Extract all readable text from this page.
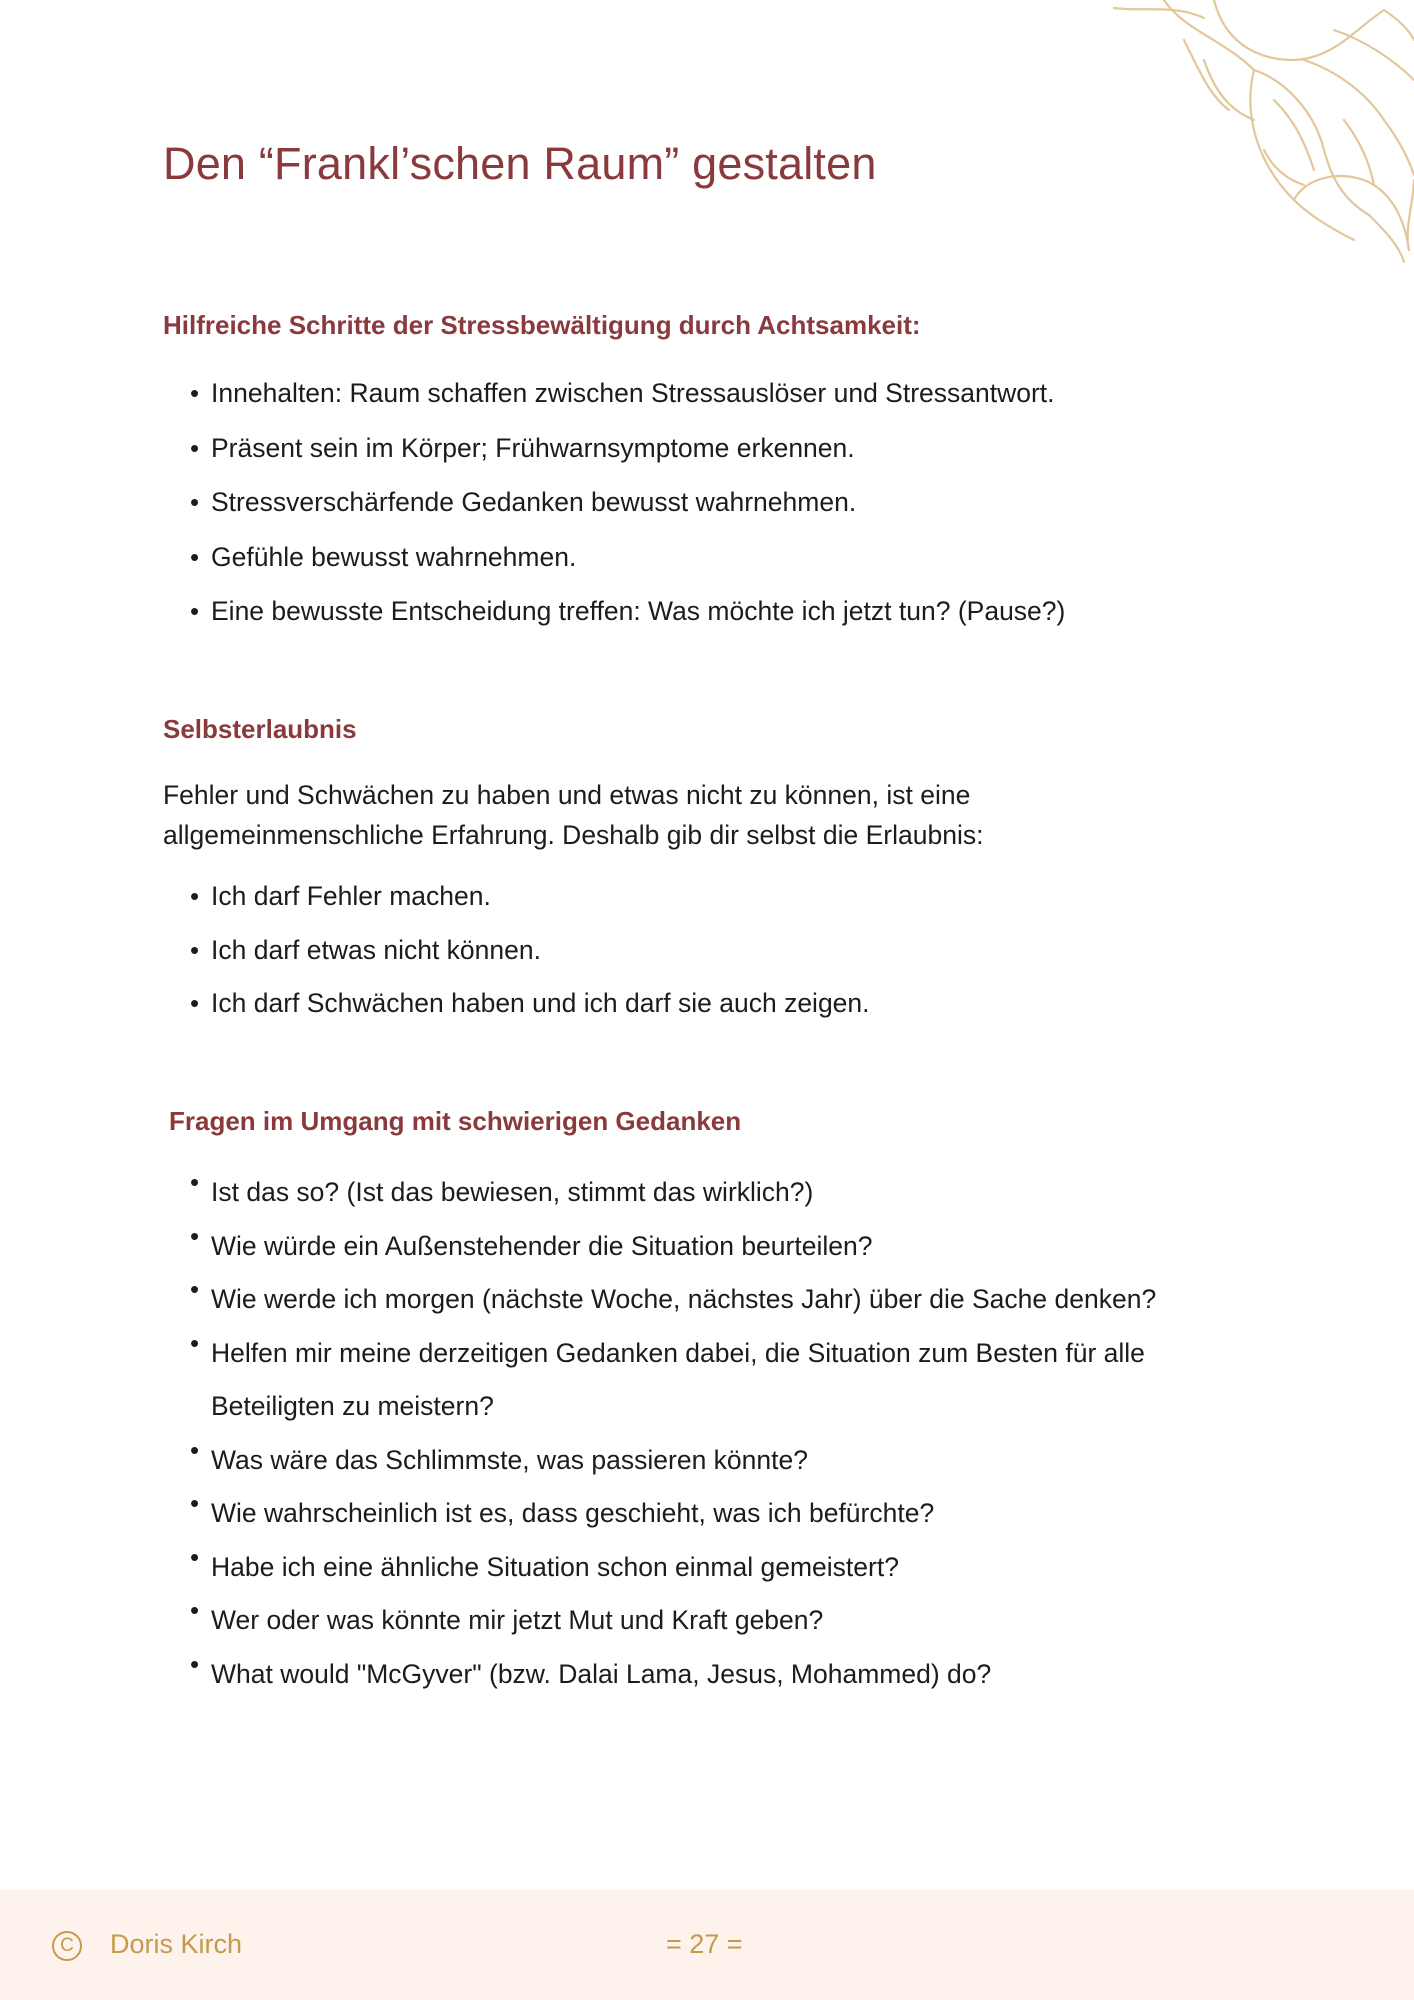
Den “Frankl’schen Raum” gestalten
Hilfreiche Schritte der Stressbewältigung durch Achtsamkeit:
• Innehalten: Raum schaffen zwischen Stressauslöser und Stressantwort.
• Präsent sein im Körper; Frühwarnsymptome erkennen.
• Stressverschärfende Gedanken bewusst wahrnehmen.
• Gefühle bewusst wahrnehmen.
• Eine bewusste Entscheidung treffen: Was möchte ich jetzt tun? (Pause?)
Selbsterlaubnis

Fehler und Schwächen zu haben und etwas nicht zu können, ist eine
allgemeinmenschliche Erfahrung. Deshalb gib dir selbst die Erlaubnis:

• Ich darf Fehler machen.
• Ich darf etwas nicht können.
• Ich darf Schwächen haben und ich darf sie auch zeigen.
Fragen im Umgang mit schwierigen Gedanken
• Ist das so? (Ist das bewiesen, stimmt das wirklich?)
• Wie würde ein Außenstehender die Situation beurteilen?
• Wie werde ich morgen (nächste Woche, nächstes Jahr) über die Sache denken?
• Helfen mir meine derzeitigen Gedanken dabei, die Situation zum Besten für alle
Beteiligten zu meistern?
• Was wäre das Schlimmste, was passieren könnte?
• Wie wahrscheinlich ist es, dass geschieht, was ich befürchte?
• Habe ich eine ähnliche Situation schon einmal gemeistert?
• Wer oder was könnte mir jetzt Mut und Kraft geben?
• What would "McGyver" (bzw. Dalai Lama, Jesus, Mohammed) do?
C	Doris Kirch	= 27 =
